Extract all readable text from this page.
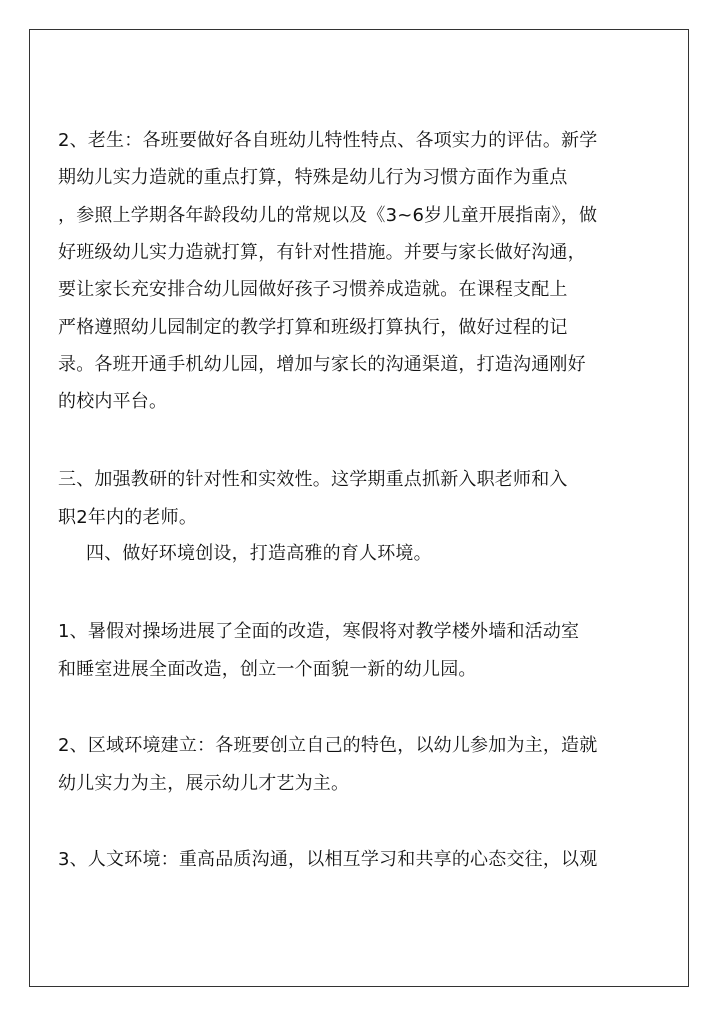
2、老生：各班要做好各自班幼儿特性特点、各项实力的评估。新学
期幼儿实力造就的重点打算，特殊是幼儿行为习惯方面作为重点
，参照上学期各年龄段幼儿的常规以及《3~6岁儿童开展指南》，做
好班级幼儿实力造就打算，有针对性措施。并要与家长做好沟通，
要让家长充安排合幼儿园做好孩子习惯养成造就。在课程支配上
严格遵照幼儿园制定的教学打算和班级打算执行，做好过程的记
录。各班开通手机幼儿园，增加与家长的沟通渠道，打造沟通刚好
的校内平台。
三、加强教研的针对性和实效性。这学期重点抓新入职老师和入
职2年内的老师。
四、做好环境创设，打造高雅的育人环境。
1、暑假对操场进展了全面的改造，寒假将对教学楼外墙和活动室
和睡室进展全面改造，创立一个面貌一新的幼儿园。
2、区域环境建立：各班要创立自己的特色，以幼儿参加为主，造就
幼儿实力为主，展示幼儿才艺为主。
3、人文环境：重高品质沟通，以相互学习和共享的心态交往，以观
